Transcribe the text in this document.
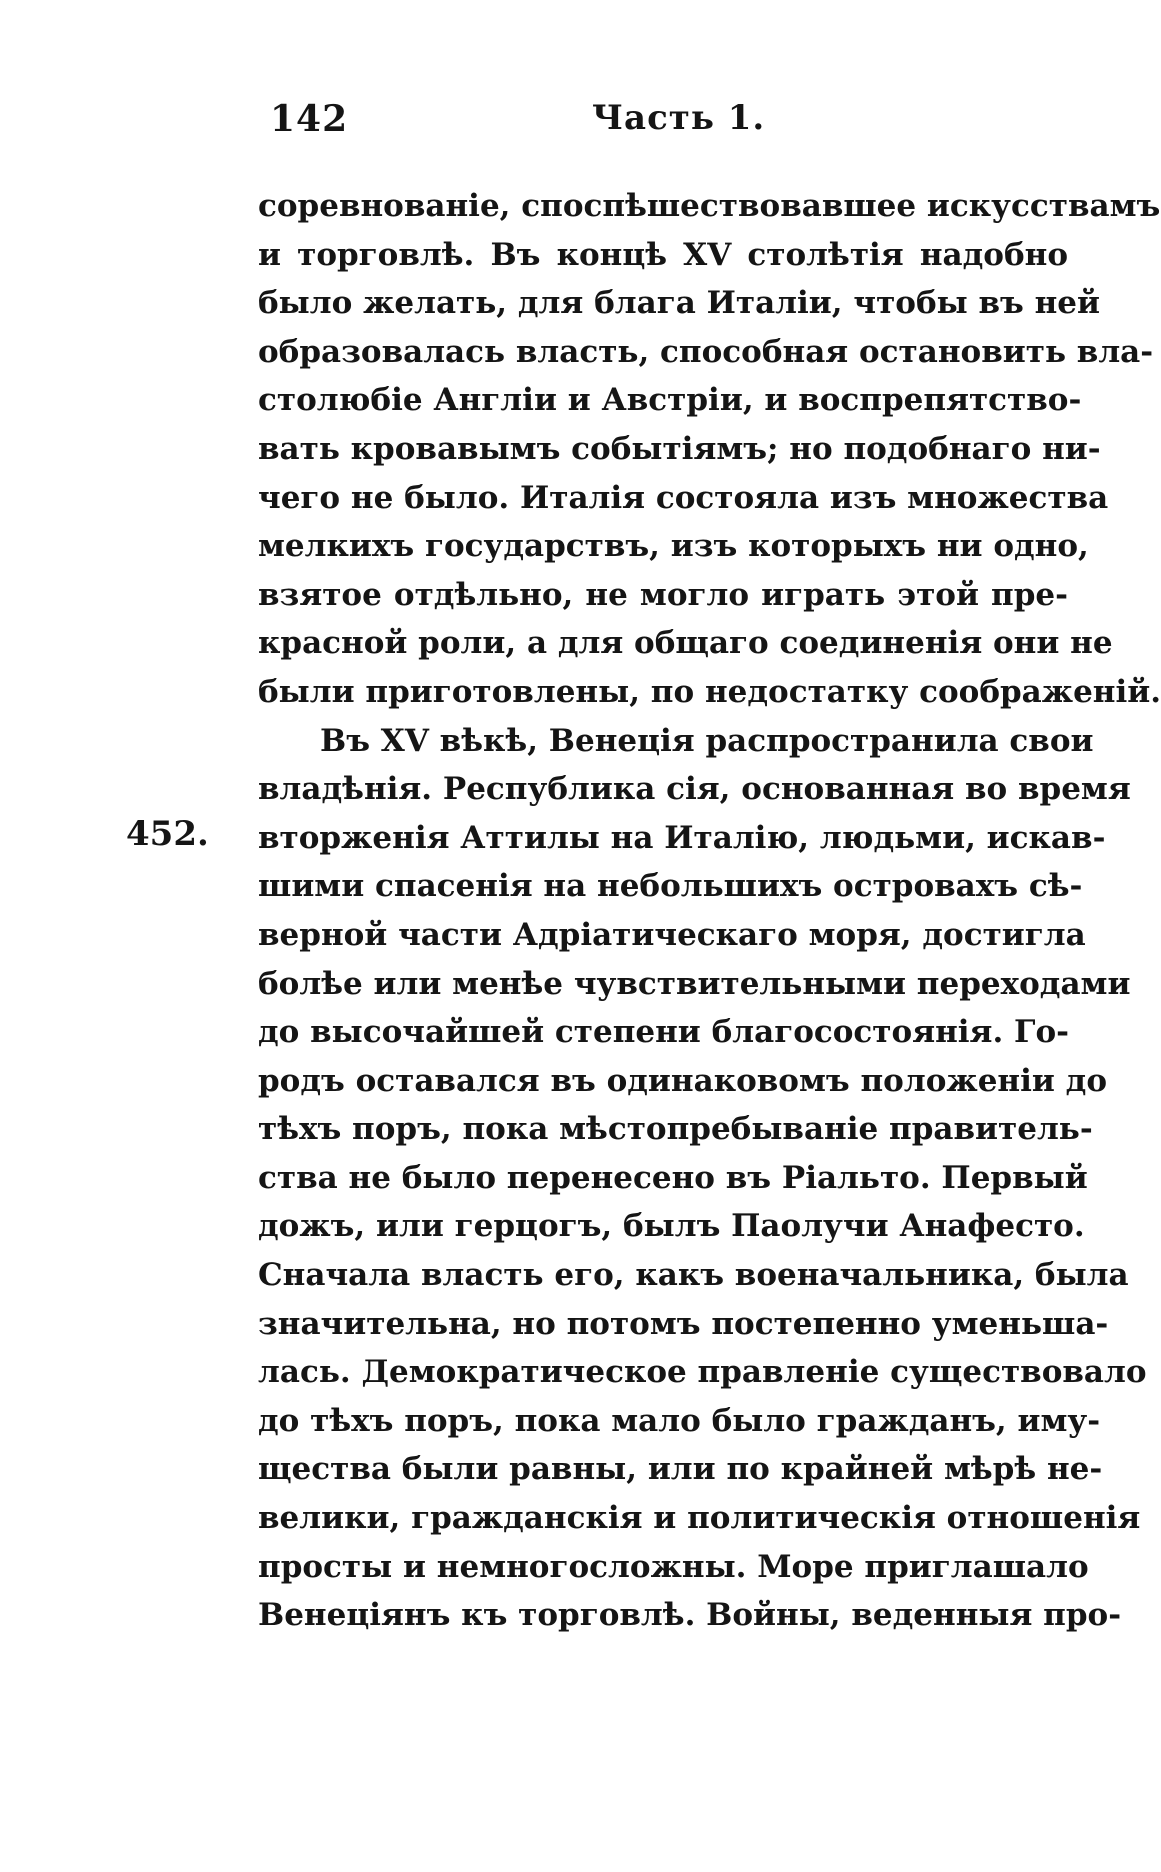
142	Часть 1.
452.
соревнованіе, споспѣшествовавшее искусствамъ
и торговлѣ. Въ концѣ XV столѣтія надобно
было желать, для блага Италіи, чтобы въ ней
образовалась власть, способная остановить вла-
столюбіе Англіи и Австріи, и воспрепятство-
вать кровавымъ событіямъ; но подобнаго ни-
чего не было. Италія состояла изъ множества
мелкихъ государствъ, изъ которыхъ ни одно,
взятое отдѣльно, не могло играть этой пре-
красной роли, а для общаго соединенія они не
были приготовлены, по недостатку соображеній.
Въ XV вѣкѣ, Венеція распространила свои
владѣнія. Республика сія, основанная во время
вторженія Аттилы на Италію, людьми, искав-
шими спасенія на небольшихъ островахъ сѣ-
верной части Адріатическаго моря, достигла
болѣе или менѣе чувствительными переходами
до высочайшей степени благосостоянія. Го-
родъ оставался въ одинаковомъ положеніи до
тѣхъ поръ, пока мѣстопребываніе правитель-
ства не было перенесено въ Ріальто. Первый
дожъ, или герцогъ, былъ Паолучи Анафесто.
Сначала власть его, какъ военачальника, была
значительна, но потомъ постепенно уменьша-
лась. Демократическое правленіе существовало
до тѣхъ поръ, пока мало было гражданъ, иму-
щества были равны, или по крайней мѣрѣ не-
велики, гражданскія и политическія отношенія
просты и немногосложны. Море приглашало
Венеціянъ къ торговлѣ. Войны, веденныя про-
